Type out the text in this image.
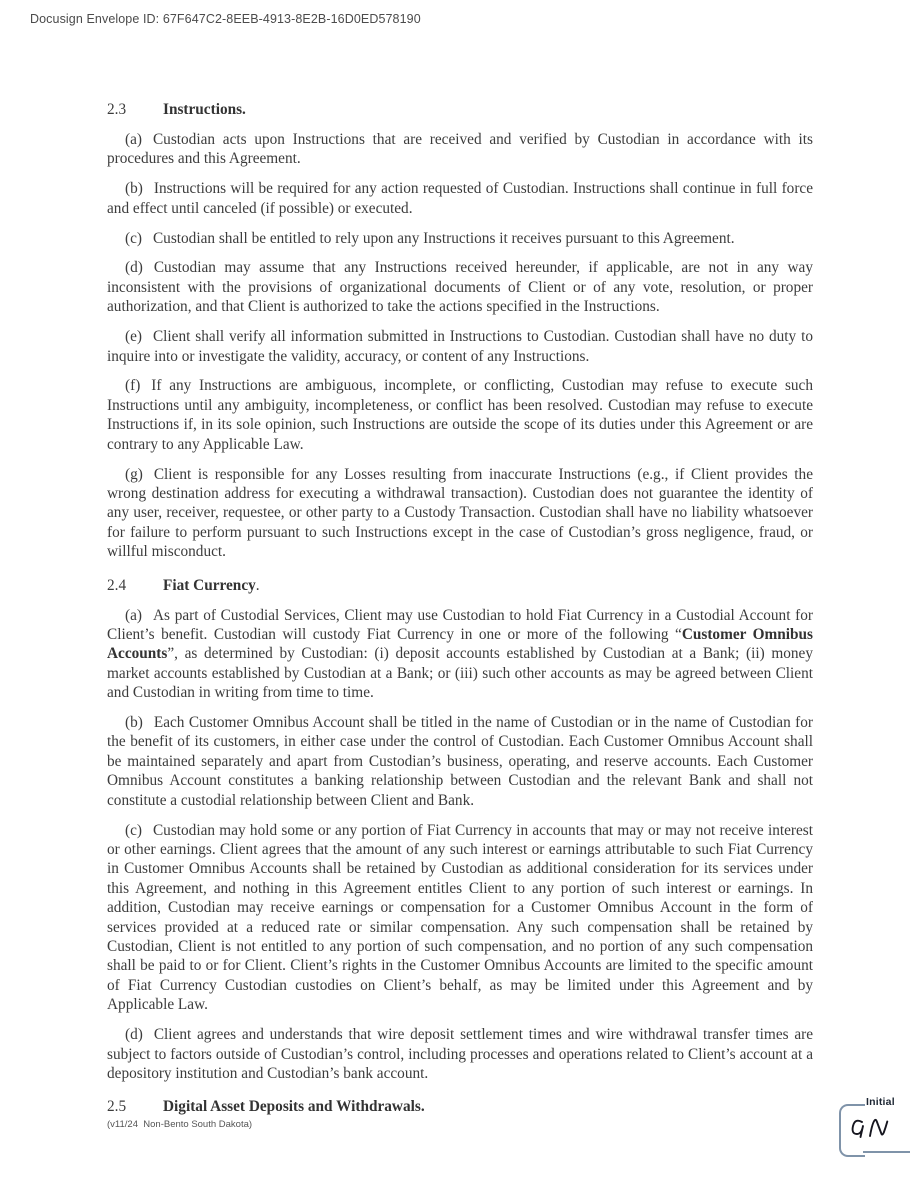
Docusign Envelope ID: 67F647C2-8EEB-4913-8E2B-16D0ED578190
2.3 Instructions.
(a) Custodian acts upon Instructions that are received and verified by Custodian in accordance with its procedures and this Agreement.
(b) Instructions will be required for any action requested of Custodian. Instructions shall continue in full force and effect until canceled (if possible) or executed.
(c) Custodian shall be entitled to rely upon any Instructions it receives pursuant to this Agreement.
(d) Custodian may assume that any Instructions received hereunder, if applicable, are not in any way inconsistent with the provisions of organizational documents of Client or of any vote, resolution, or proper authorization, and that Client is authorized to take the actions specified in the Instructions.
(e) Client shall verify all information submitted in Instructions to Custodian. Custodian shall have no duty to inquire into or investigate the validity, accuracy, or content of any Instructions.
(f) If any Instructions are ambiguous, incomplete, or conflicting, Custodian may refuse to execute such Instructions until any ambiguity, incompleteness, or conflict has been resolved. Custodian may refuse to execute Instructions if, in its sole opinion, such Instructions are outside the scope of its duties under this Agreement or are contrary to any Applicable Law.
(g) Client is responsible for any Losses resulting from inaccurate Instructions (e.g., if Client provides the wrong destination address for executing a withdrawal transaction). Custodian does not guarantee the identity of any user, receiver, requestee, or other party to a Custody Transaction. Custodian shall have no liability whatsoever for failure to perform pursuant to such Instructions except in the case of Custodian’s gross negligence, fraud, or willful misconduct.
2.4 Fiat Currency.
(a) As part of Custodial Services, Client may use Custodian to hold Fiat Currency in a Custodial Account for Client’s benefit. Custodian will custody Fiat Currency in one or more of the following “Customer Omnibus Accounts”, as determined by Custodian: (i) deposit accounts established by Custodian at a Bank; (ii) money market accounts established by Custodian at a Bank; or (iii) such other accounts as may be agreed between Client and Custodian in writing from time to time.
(b) Each Customer Omnibus Account shall be titled in the name of Custodian or in the name of Custodian for the benefit of its customers, in either case under the control of Custodian. Each Customer Omnibus Account shall be maintained separately and apart from Custodian’s business, operating, and reserve accounts. Each Customer Omnibus Account constitutes a banking relationship between Custodian and the relevant Bank and shall not constitute a custodial relationship between Client and Bank.
(c) Custodian may hold some or any portion of Fiat Currency in accounts that may or may not receive interest or other earnings. Client agrees that the amount of any such interest or earnings attributable to such Fiat Currency in Customer Omnibus Accounts shall be retained by Custodian as additional consideration for its services under this Agreement, and nothing in this Agreement entitles Client to any portion of such interest or earnings. In addition, Custodian may receive earnings or compensation for a Customer Omnibus Account in the form of services provided at a reduced rate or similar compensation. Any such compensation shall be retained by Custodian, Client is not entitled to any portion of such compensation, and no portion of any such compensation shall be paid to or for Client. Client’s rights in the Customer Omnibus Accounts are limited to the specific amount of Fiat Currency Custodian custodies on Client’s behalf, as may be limited under this Agreement and by Applicable Law.
(d) Client agrees and understands that wire deposit settlement times and wire withdrawal transfer times are subject to factors outside of Custodian’s control, including processes and operations related to Client’s account at a depository institution and Custodian’s bank account.
2.5 Digital Asset Deposits and Withdrawals.
(v11/24  Non-Bento South Dakota)
Initial
